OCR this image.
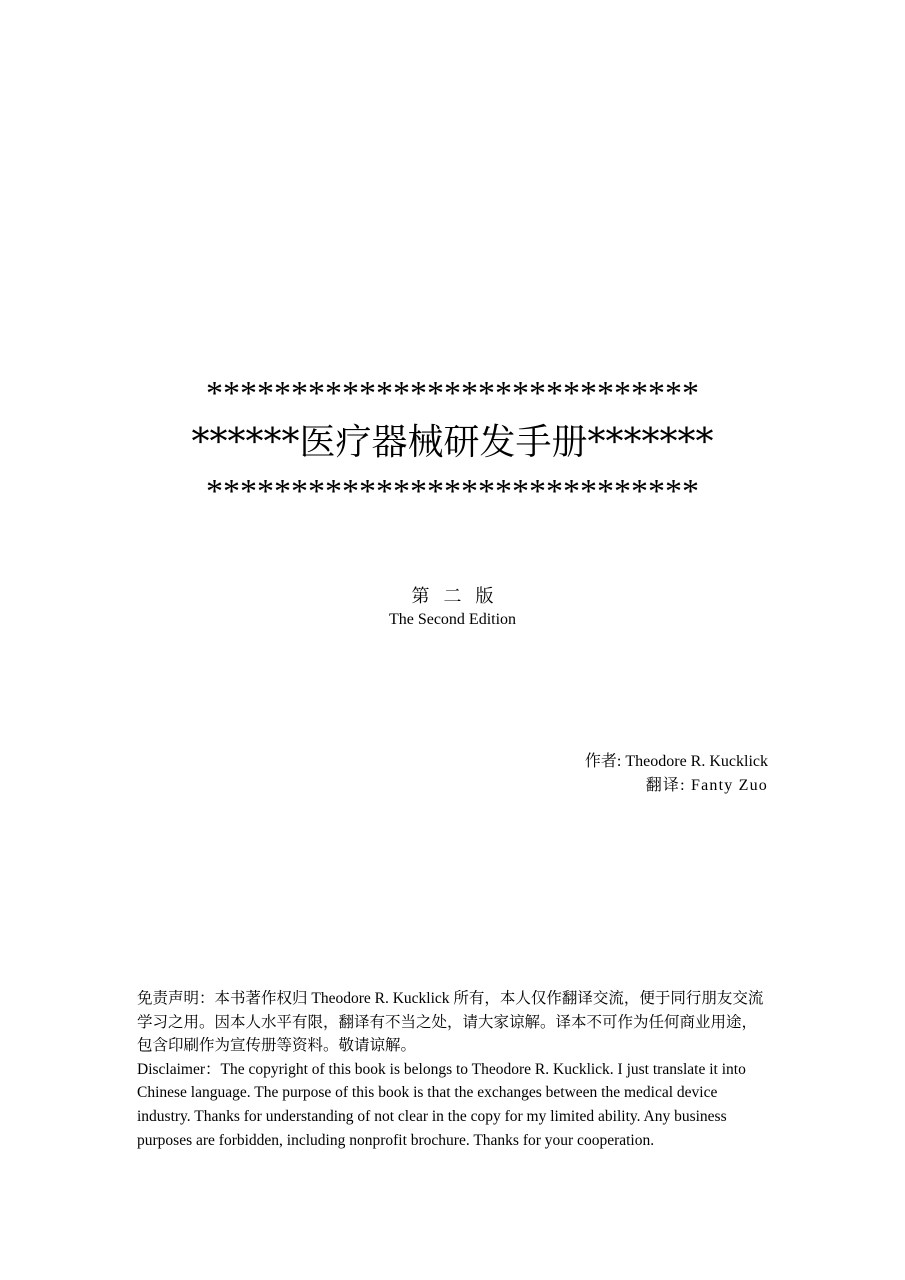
*****************************
******医疗器械研发手册*******
*****************************
第二版
The Second Edition
作者: Theodore R. Kucklick
翻译: Fanty Zuo

免责声明：本书著作权归 Theodore R. Kucklick 所有，本人仅作翻译交流，便于同行朋友交流学习之用。因本人水平有限，翻译有不当之处，请大家谅解。译本不可作为任何商业用途，包含印刷作为宣传册等资料。敬请谅解。

Disclaimer：The copyright of this book is belongs to Theodore R. Kucklick. I just translate it into Chinese language. The purpose of this book is that the exchanges between the medical device industry. Thanks for understanding of not clear in the copy for my limited ability. Any business purposes are forbidden, including nonprofit brochure. Thanks for your cooperation.
